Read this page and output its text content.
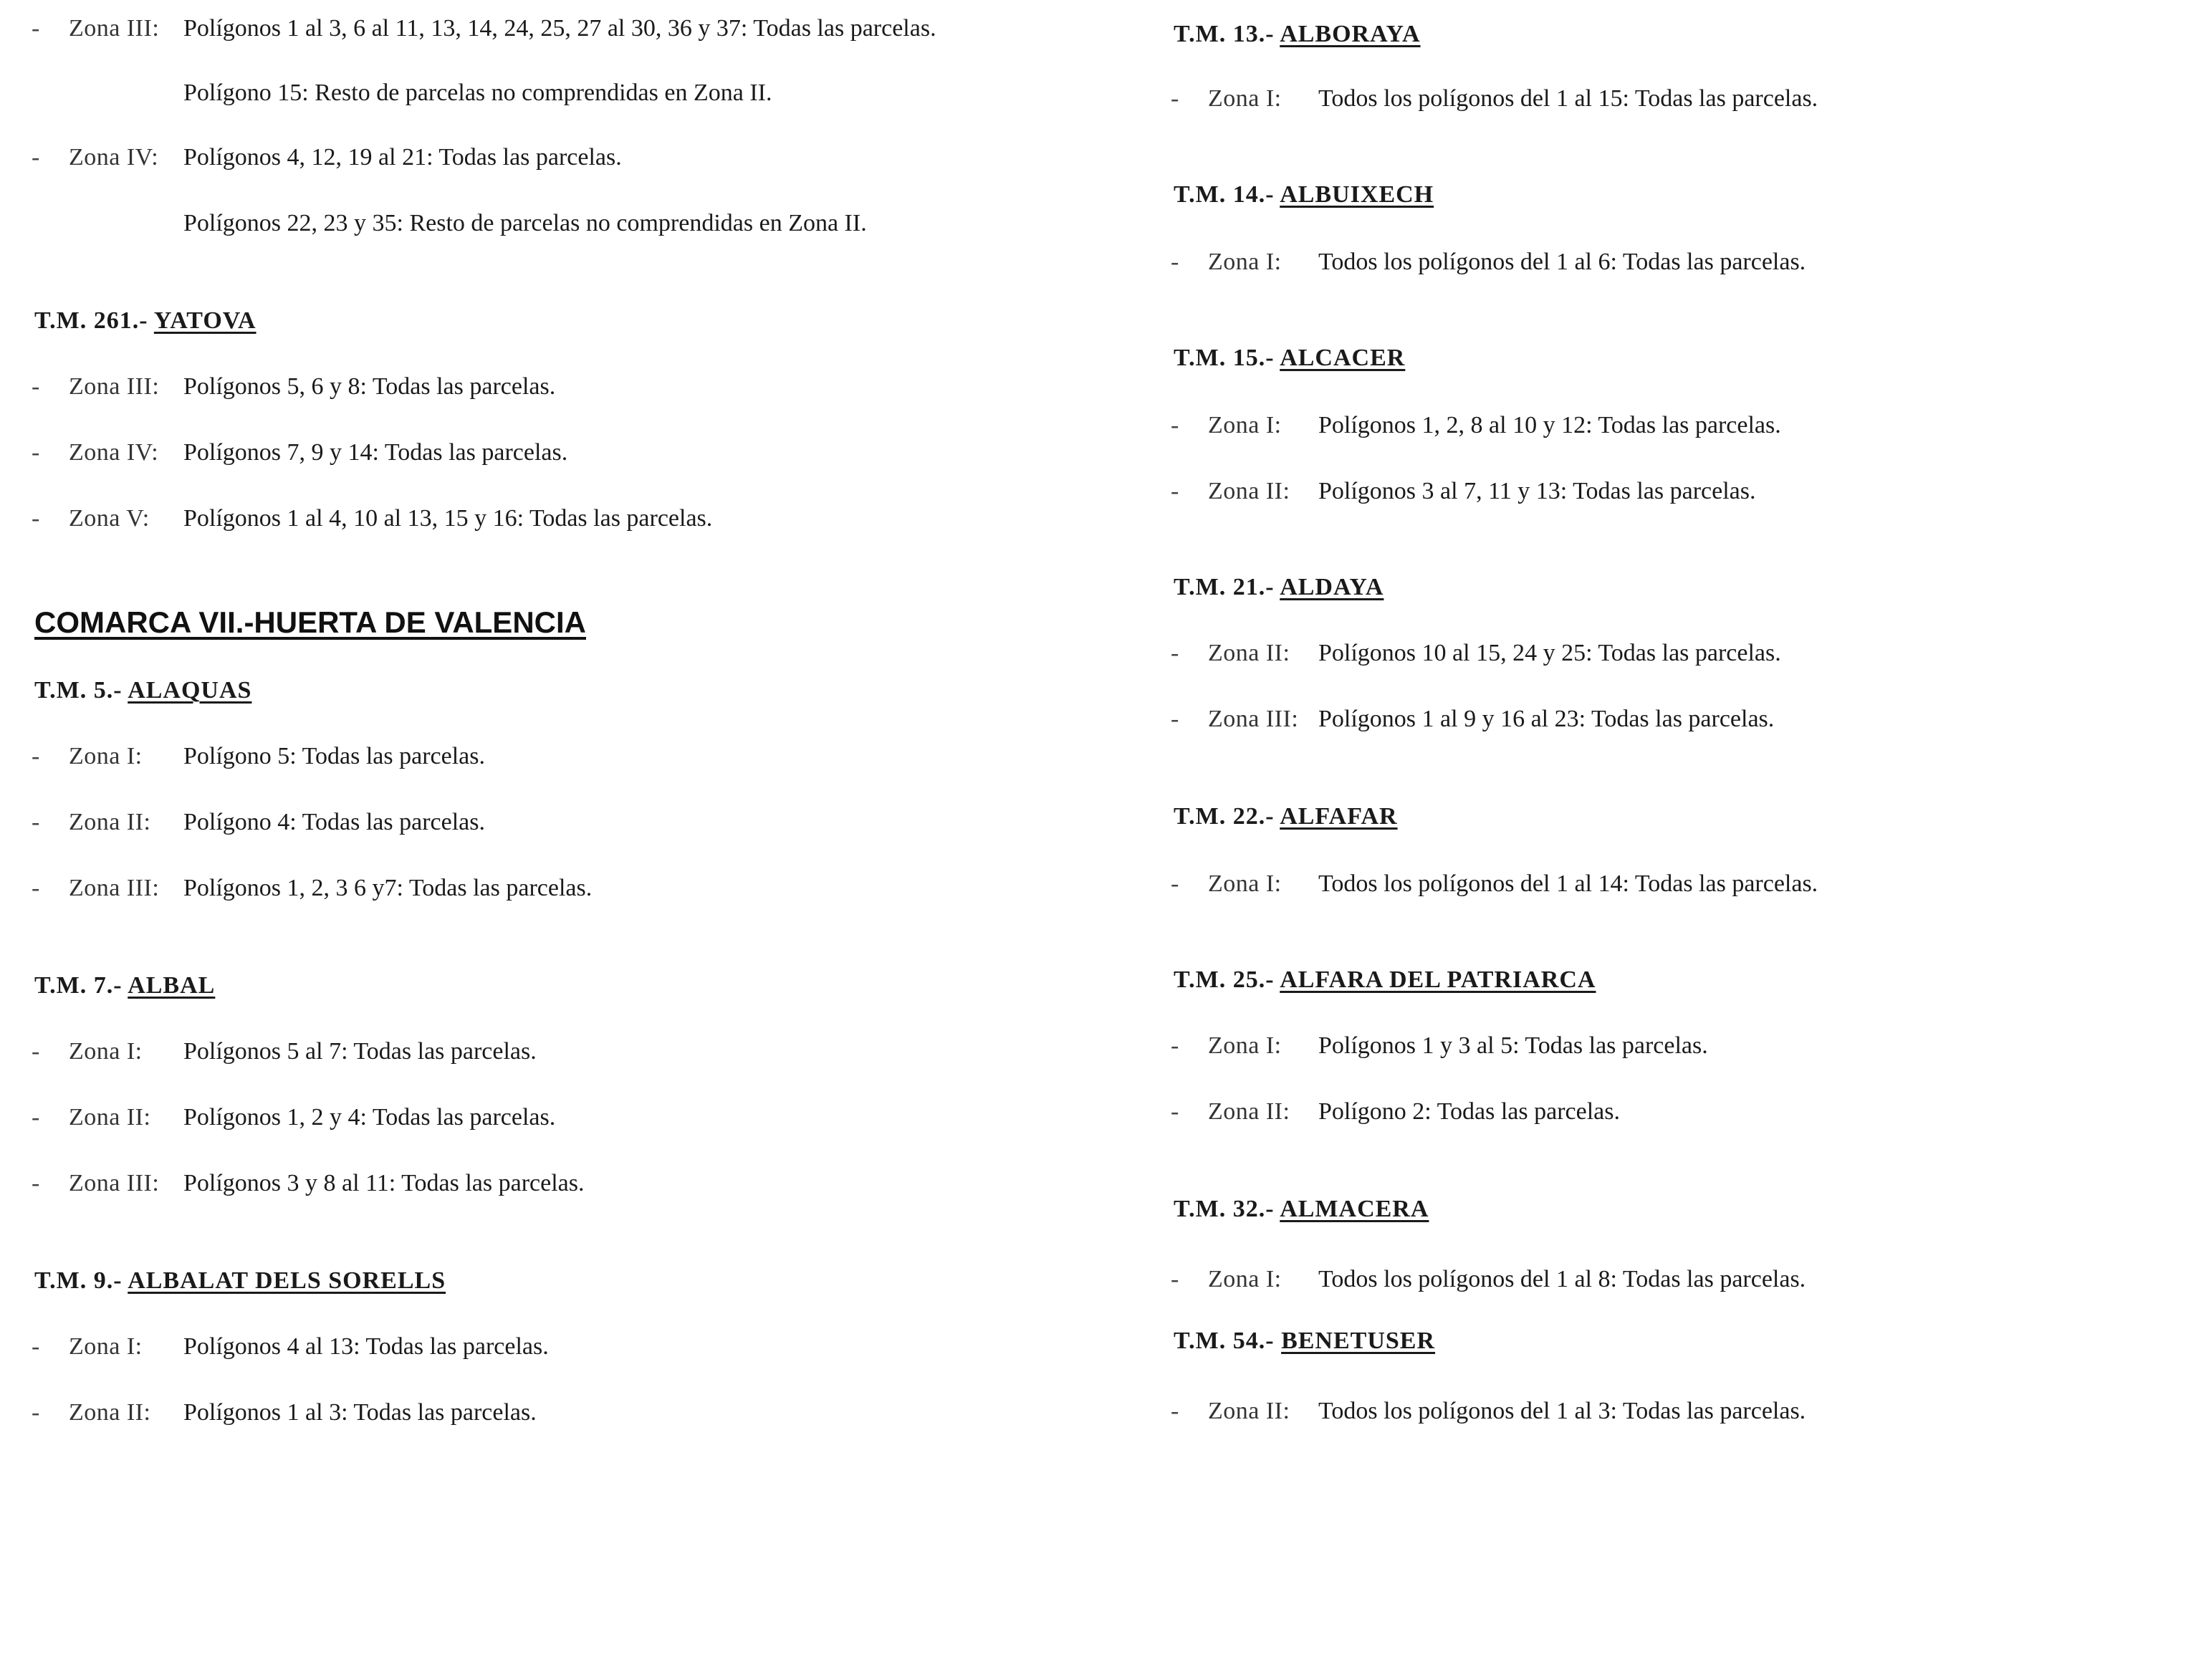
- Zona III: Polígonos 1 al 3, 6 al 11, 13, 14, 24, 25, 27 al 30, 36 y 37: Todas las parcelas.
Polígono 15: Resto de parcelas no comprendidas en Zona II.
- Zona IV: Polígonos 4, 12, 19 al 21: Todas las parcelas.
Polígonos 22, 23 y 35: Resto de parcelas no comprendidas en Zona II.
T.M. 261.- YATOVA
- Zona III: Polígonos 5, 6 y 8: Todas las parcelas.
- Zona IV: Polígonos 7, 9 y 14: Todas las parcelas.
- Zona V: Polígonos 1 al 4, 10 al 13, 15 y 16: Todas las parcelas.
COMARCA VII.-HUERTA DE VALENCIA
T.M. 5.- ALAQUAS
- Zona I: Polígono 5: Todas las parcelas.
- Zona II: Polígono 4: Todas las parcelas.
- Zona III: Polígonos 1, 2, 3 6 y7: Todas las parcelas.
T.M. 7.- ALBAL
- Zona I: Polígonos 5 al 7: Todas las parcelas.
- Zona II: Polígonos 1, 2 y 4: Todas las parcelas.
- Zona III: Polígonos 3 y 8 al 11: Todas las parcelas.
T.M. 9.- ALBALAT DELS SORELLS
- Zona I: Polígonos 4 al 13: Todas las parcelas.
- Zona II: Polígonos 1 al 3: Todas las parcelas.
T.M. 13.- ALBORAYA
- Zona I: Todos los polígonos del 1 al 15: Todas las parcelas.
T.M. 14.- ALBUIXECH
- Zona I: Todos los polígonos del 1 al 6: Todas las parcelas.
T.M. 15.- ALCACER
- Zona I: Polígonos 1, 2, 8 al 10 y 12: Todas las parcelas.
- Zona II: Polígonos 3 al 7, 11 y 13: Todas las parcelas.
T.M. 21.- ALDAYA
- Zona II: Polígonos 10 al 15, 24 y 25: Todas las parcelas.
- Zona III: Polígonos 1 al 9 y 16 al 23: Todas las parcelas.
T.M. 22.- ALFAFAR
- Zona I: Todos los polígonos del 1 al 14: Todas las parcelas.
T.M. 25.- ALFARA DEL PATRIARCA
- Zona I: Polígonos 1 y 3 al 5: Todas las parcelas.
- Zona II: Polígono 2: Todas las parcelas.
T.M. 32.- ALMACERA
- Zona I: Todos los polígonos del 1 al 8: Todas las parcelas.
T.M. 54.- BENETUSER
- Zona II: Todos los polígonos del 1 al 3: Todas las parcelas.
